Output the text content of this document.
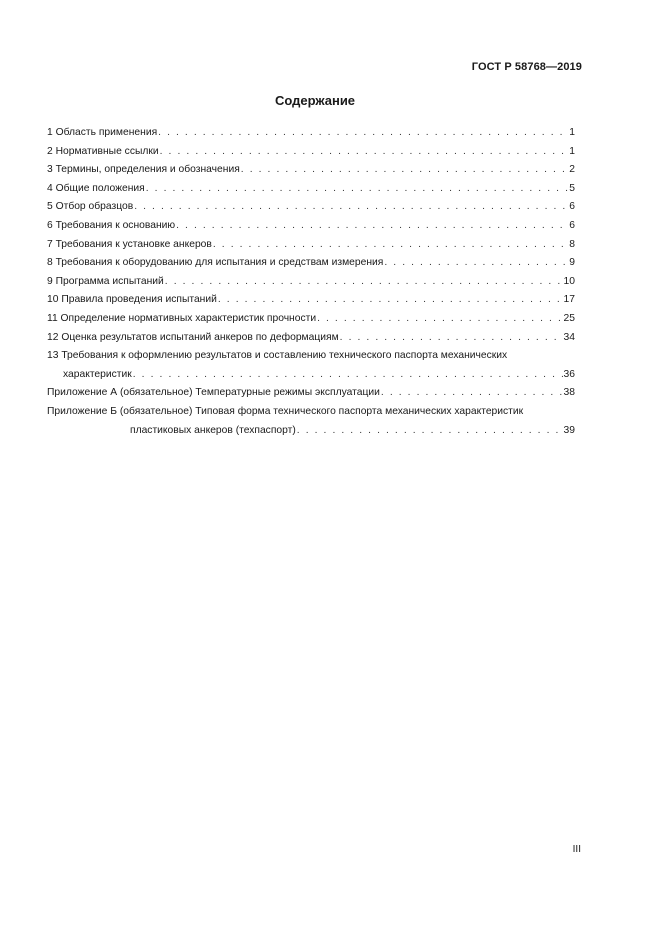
ГОСТ Р 58768—2019
Содержание
1 Область применения . . .	1
2 Нормативные ссылки . . .	1
3 Термины, определения и обозначения . . .	2
4 Общие положения . . .	5
5 Отбор образцов . . .	6
6 Требования к основанию . . .	6
7 Требования к установке анкеров . . .	8
8 Требования к оборудованию для испытания и средствам измерения . . .	9
9 Программа испытаний . . .	10
10 Правила проведения испытаний . . .	17
11 Определение нормативных характеристик прочности . . .	25
12 Оценка результатов испытаний анкеров по деформациям . . .	34
13 Требования к оформлению результатов и составлению технического паспорта механических
характеристик . . .	36
Приложение А (обязательное) Температурные режимы эксплуатации . . .	38
Приложение Б (обязательное) Типовая форма технического паспорта механических характеристик
пластиковых анкеров (техпаспорт) . . .	39
III
